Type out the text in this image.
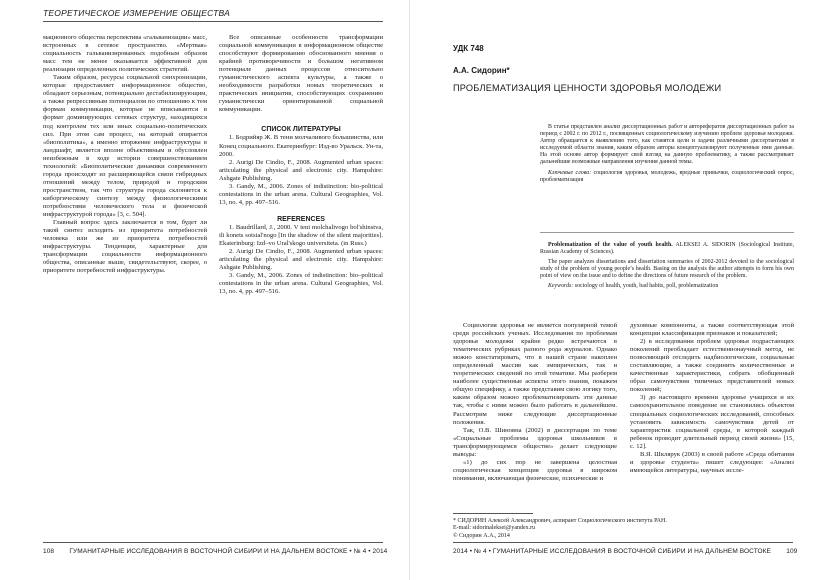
ТЕОРЕТИЧЕСКОЕ ИЗМЕРЕНИЕ ОБЩЕСТВА

мационного общества перспектива «гальванизации» масс, встроенных в сетевое пространство. «Мертвая» социальность гальванизированных подобным образом масс тем не менее оказывается эффективной для реализации определенных политических стратегий.

Таким образом, ресурсы социальной синхронизации, которые предоставляет информационное общество, обладают серьезным, потенциально дестабилизирующим, а также репрессивным потенциалом по отношению к тем формам коммуникации, которые не вписываются в формат доминирующих сетевых структур, находящихся под контролем тех или иных социально-политических сил. При этом сам процесс, на который опирается «биополитика», а именно вторжение инфраструктуры в ландшафт, является вполне объективным и обусловлен неизбежным в ходе истории совершенствованием технологий: «Биополитические динамики современного города происходят из расширяющейся связи гибридных отношений между телом, природой и городским пространством, так что структура города склоняется к киборгическому синтезу между физиологическими потребностями человеческого тела и физической инфраструктурой города» [3, с. 504].

Главный вопрос здесь заключается в том, будет ли такой синтез исходить из приоритета потребностей человека или же из приоритета потребностей инфраструктуры. Тенденции, характерные для трансформации социальности информационного общества, описанные выше, свидетельствуют, скорее, о приоритете потребностей инфраструктуры.

Все описанные особенности трансформации социальной коммуникации в информационном обществе способствуют формированию обоснованного мнения о крайней противоречивости и большом негативном потенциале данных процессов относительно гуманистического аспекта культуры, а также о необходимости разработки новых теоретических и практических инициатив, способствующих сохранению гуманистически ориентированной социальной коммуникации.

СПИСОК ЛИТЕРАТУРЫ

1. Бодрийяр Ж. В тени молчаливого большинства, или Конец социального. Екатеринбург: Изд-во Уральск. Ун-та, 2000.

2. Aurigi De Cindio, F., 2008. Augmented urban spaces: articulating the physical and electronic city. Hampshire: Ashgate Publishing.

3. Gandy, M., 2006. Zones of indistinction: bio-political contestations in the urban arena. Cultural Geographies, Vol. 13, no. 4, pp. 497–516.

REFERENCES

1. Baudrillard, J., 2000. V teni molchalivogo bol'shinstva, ili konets sotsial'nogo [In the shadow of the silent majorities]. Ekaterinburg: Izd–vo Ural'skogo universiteta. (in Russ.)

2. Aurigi De Cindio, F., 2008. Augmented urban spaces: articulating the physical and electronic city. Hampshire: Ashgate Publishing.

3. Gandy, M., 2006. Zones of indistinction: bio–political contestations in the urban arena. Cultural Geographies, Vol. 13, no. 4, pp. 497–516.

108        ГУМАНИТАРНЫЕ ИССЛЕДОВАНИЯ В ВОСТОЧНОЙ СИБИРИ И НА ДАЛЬНЕМ ВОСТОКЕ • № 4 • 2014
УДК 748
А.А. Сидорин*
ПРОБЛЕМАТИЗАЦИЯ ЦЕННОСТИ ЗДОРОВЬЯ МОЛОДЕЖИ

В статье представлен анализ диссертационных работ и авторефератов диссертационных работ за период с 2002 г. по 2012 г., посвященных социологическому изучению проблем здоровья молодежи. Автор обращается к выявлению того, как ставятся цели и задачи различными диссертантами в исследуемой области знания, каким образом авторы концептуализируют полученные ими данные. На этой основе автор формирует свой взгляд на данную проблематику, а также рассматривает дальнейшие возможные направления изучения данной темы.

Ключевые слова: социология здоровья, молодежь, вредные привычки, социологический опрос, проблематизация

Problematization of the value of youth health. ALEKSEI A. SIDORIN (Sociological Institute, Russian Academy of Sciences).

The paper analyzes dissertations and dissertation summaries of 2002-2012 devoted to the sociological study of the problem of young people’s health. Basing on the analysis the author attempts to form his own point of view on the issue and to define the directions of future research of the problem.

Keywords: sociology of health, youth, bad habits, poll, problematization

Социология здоровья не является популярной темой среди российских ученых. Исследования по проблемам здоровья молодежи крайне редко встречаются в тематических рубриках разного рода журналов. Однако можно констатировать, что в нашей стране накоплен определенный массив как эмпирических, так и теоретических сведений по этой тематике. Мы разберем наиболее существенные аспекты этого знания, покажем общую специфику, а также представим свою логику того, каким образом можно проблематизировать эти данные так, чтобы с ними можно было работать в дальнейшем. Рассмотрим ниже следующие диссертационные положения.

Так, О.В. Шиновна (2002) в диссертации по теме «Социальные проблемы здоровья школьников в трансформирующемся обществе» делает следующие выводы:

«1) до сих пор не завершена целостная социологическая концепция здоровья в широком понимании, включающая физические, психические и

духовные компоненты, а также соответствующая этой концепции классификация признаков и показателей;

2) в исследовании проблем здоровья подрастающих поколений преобладает естественнонаучный метод, не позволяющий отследить надбиологические, социальные составляющие, а также соединить количественные и качественные характеристики, собрать обобщенный образ самочувствия типичных представителей новых поколений;

3) до настоящего времени здоровье учащихся и их самоохранительное поведение не становились объектом специальных социологических исследований, способных установить зависимость самочувствия детей от характеристик социальной среды, в которой каждый ребенок проводит длительный период своей жизни» [15, с. 12].

В.Я. Шклярук (2003) в своей работе «Среда обитания и здоровье студента» пишет следующее: «Анализ имеющейся литературы, научных иссле-

* СИДОРИН Алексей Александрович, аспирант Социологического института РАН.
E-mail: sidorinaleksei@yandex.ru
© Сидорин А.А., 2014
2014 • № 4 • ГУМАНИТАРНЫЕ ИССЛЕДОВАНИЯ В ВОСТОЧНОЙ СИБИРИ И НА ДАЛЬНЕМ ВОСТОКЕ        109
